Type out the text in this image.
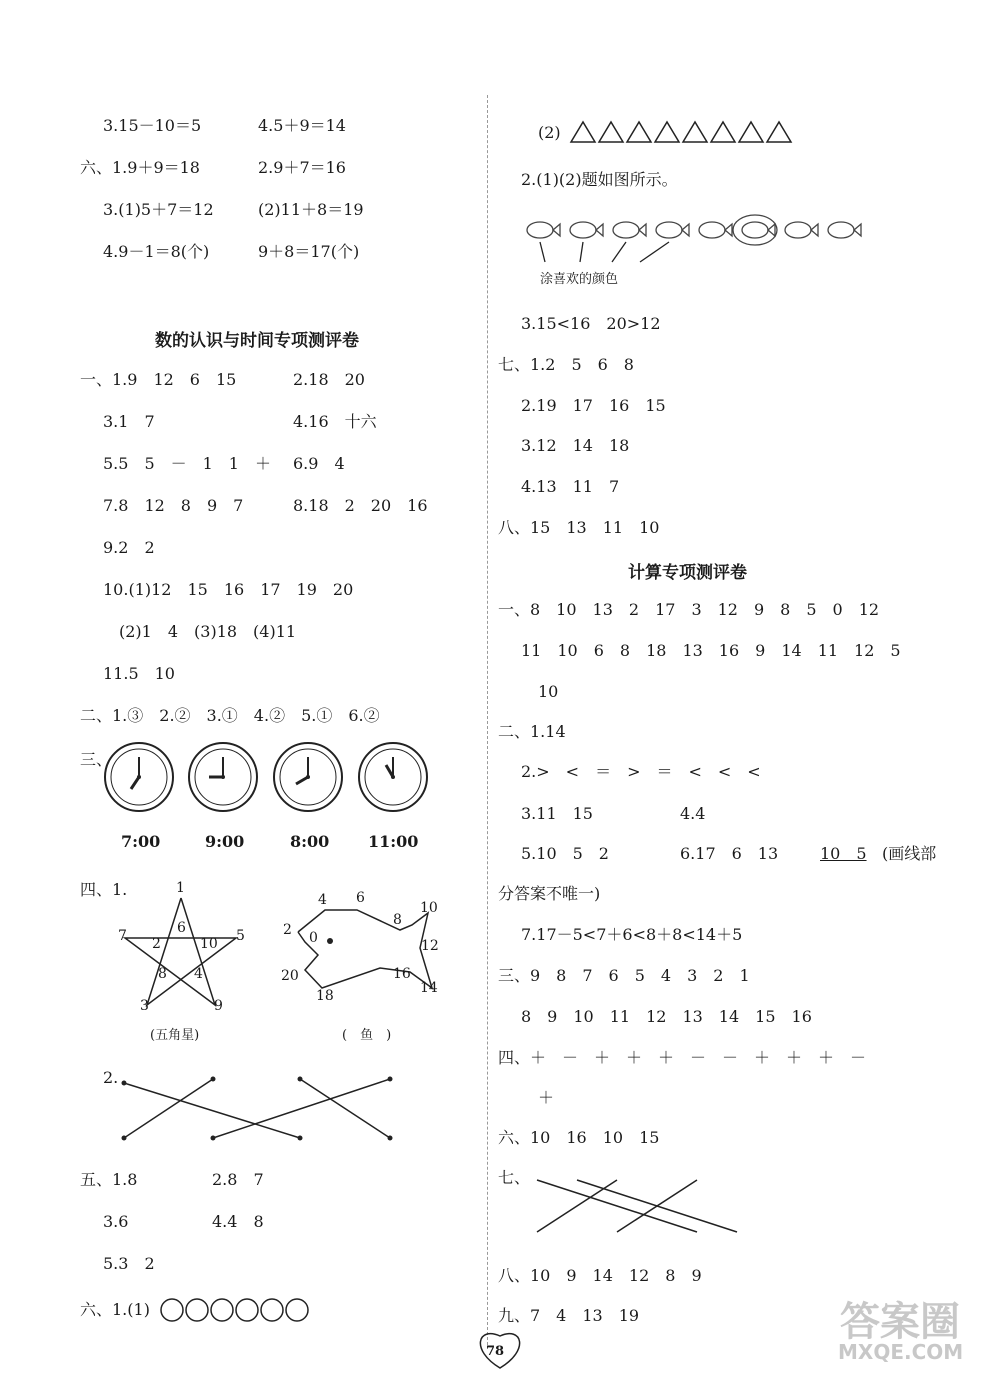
3.15－10＝5	4.5＋9＝14
六、1.9＋9＝18	2.9＋7＝16
3.(1)5＋7＝12	(2)11＋8＝19
4.9－1＝8(个)	9＋8＝17(个)
数的认识与时间专项测评卷
一、1.9　12　6　15	2.18　20
3.1　7	4.16　十六
5.5　5　－　1　1　＋ 6.9　4
7.8　12　8　9　7	8.18　2　20　16
9.2　2
10.(1)12　15　16　17　19　20
　(2)1　4　(3)18　(4)11
11.5　10
二、1.③　2.②　3.①　4.②　5.①　6.②
三、
7:00	9:00	8:00 11:00
四、1.	1
6
7 2	10 5
8 4
3	9
(五角星)
4 6
2 0
8
10
12
20
18
16
14
(　鱼　)
2.
五、1.8	2.8　7
3.6	4.4　8
5.3　2
六、1.(1)
(2)
2.(1)(2)题如图所示。
涂喜欢的颜色
3.15<16　20>12
七、1.2　5　6　8
　2.19　17　16　15
　3.12　14　18
　4.13　11　7
八、15　13　11　10
计算专项测评卷
一、8　10　13　2　17　3　12　9　8　5　0　12
　11　10　6　8　18　13　16　9　14　11　12　5
　10
二、1.14
　2.>　<　＝　>　＝　<　<　<
　3.11　15	4.4
　5.10　5　2	6.17　6　13	10　5 (画线部
分答案不唯一)
　7.17－5<7＋6<8＋8<14＋5
三、9　8　7　6　5　4　3　2　1
　8　9　10　11　12　13　14　15　16
四、＋　－　＋　＋　＋　－　－　＋　＋　＋　－
　＋
六、10　16　10　15
七、
八、10　9　14　12　8　9
九、7　4　13　19
78
答案圈
MXQE.COM
